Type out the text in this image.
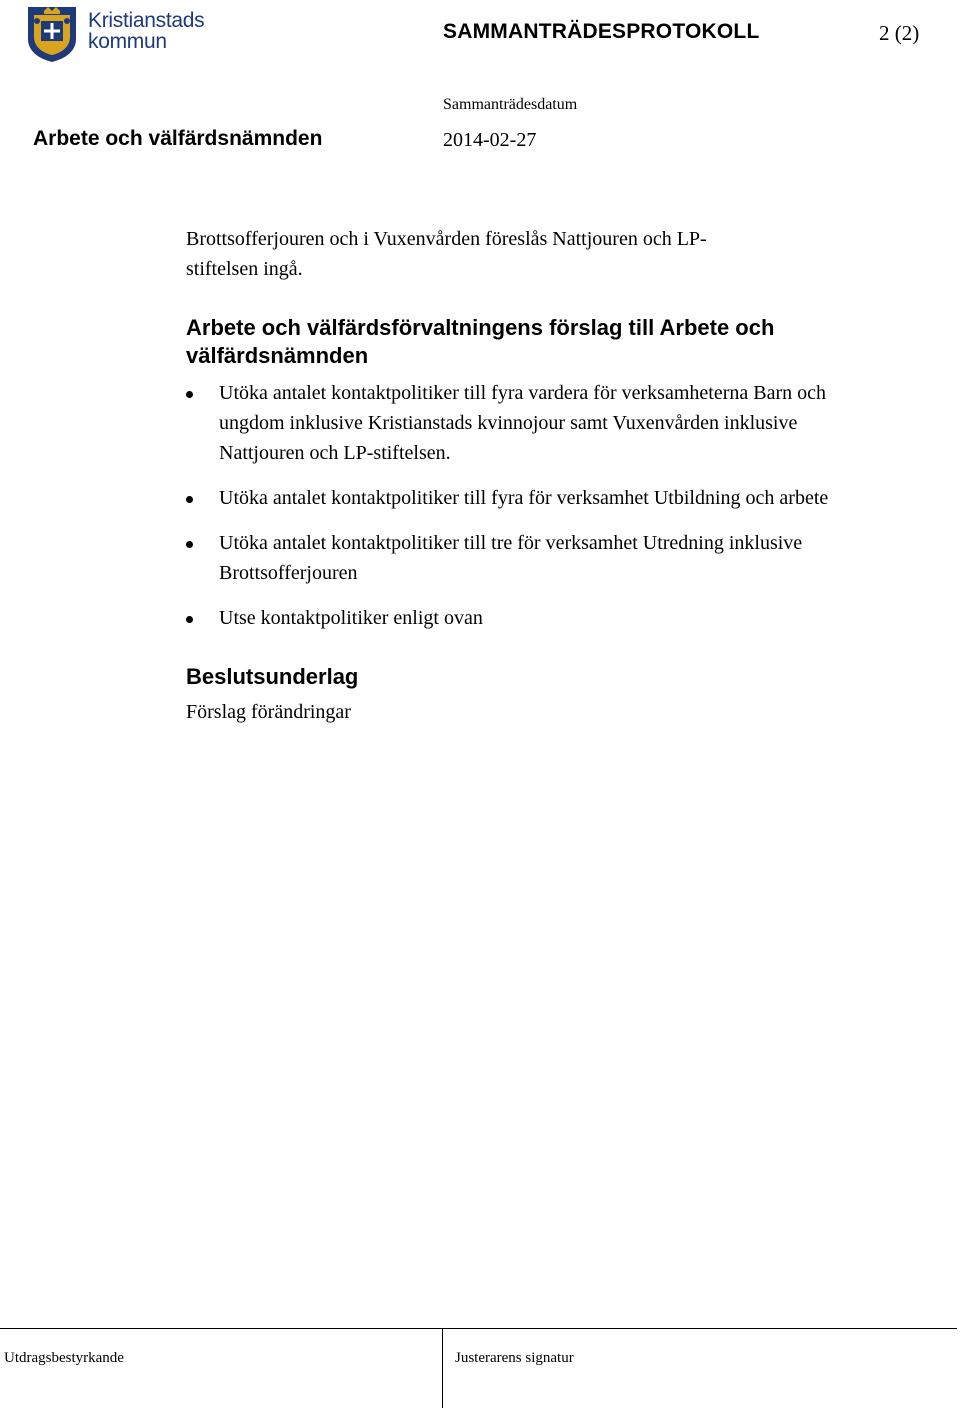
Kristianstads
kommun	SAMMANTRÄDESPROTOKOLL	2 (2)
Sammanträdesdatum
Arbete och välfärdsnämnden	2014-02-27

Brottsofferjouren och i Vuxenvården föreslås Nattjouren och LP-
stiftelsen ingå.

Arbete och välfärdsförvaltningens förslag till Arbete och välfärdsnämnden
Utöka antalet kontaktpolitiker till fyra vardera för verksamheterna Barn och ungdom inklusive Kristianstads kvinnojour samt Vuxenvården inklusive Nattjouren och LP-stiftelsen.
Utöka antalet kontaktpolitiker till fyra för verksamhet Utbildning och arbete
Utöka antalet kontaktpolitiker till tre för verksamhet Utredning inklusive Brottsofferjouren
Utse kontaktpolitiker enligt ovan
Beslutsunderlag

Förslag förändringar

Utdragsbestyrkande	Justerarens signatur
